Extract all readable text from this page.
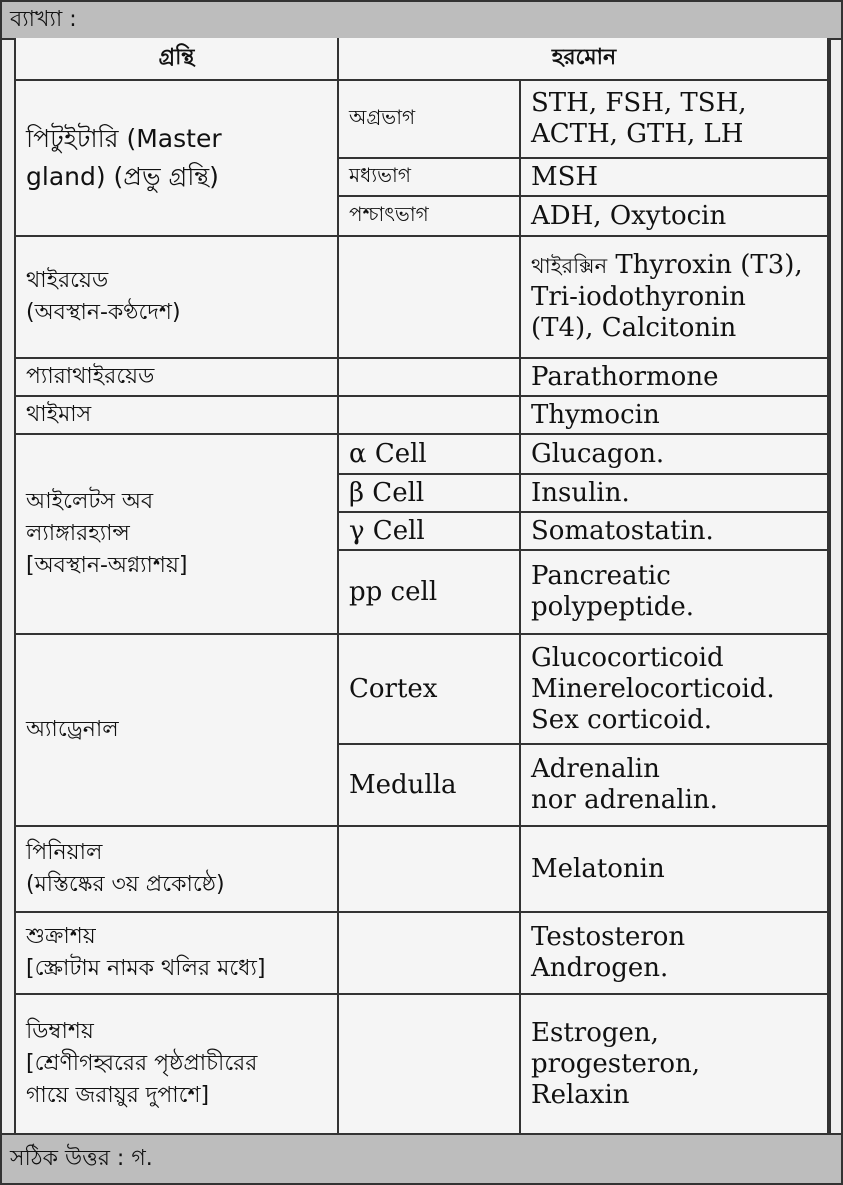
ব্যাখ্যা :
গ্রন্থি	হরমোন	
পিটুইটারি (Master
gland) (প্রভু গ্রন্থি)	অগ্রভাগ	STH, FSH, TSH,
ACTH, GTH, LH
	মধ্যভাগ	MSH
	পশ্চাৎভাগ	ADH, Oxytocin
থাইরয়েড
(অবস্থান-কণ্ঠদেশ)		থাইরক্সিন Thyroxin (T3),
Tri-iodothyronin
(T4), Calcitonin
প্যারাথাইরয়েড		Parathormone
থাইমাস		Thymocin
আইলেটস অব
ল্যাঙ্গারহ্যান্স
[অবস্থান-অগ্ন্যাশয়]	α Cell	Glucagon.
	β Cell	Insulin.
	γ Cell	Somatostatin.
	pp cell	Pancreatic
polypeptide.
অ্যাড্রেনাল	Cortex	Glucocorticoid
Minerelocorticoid.
Sex corticoid.
	Medulla	Adrenalin
nor adrenalin.
পিনিয়াল
(মস্তিষ্কের ৩য় প্রকোষ্ঠে)		Melatonin
শুক্রাশয়
[স্ক্রোটাম নামক থলির মধ্যে]		Testosteron
Androgen.
ডিম্বাশয়
[শ্রেণীগহ্বরের পৃষ্ঠপ্রাচীরের
গায়ে জরায়ুর দুপাশে]		Estrogen,
progesteron,
Relaxin
সঠিক উত্তর : গ.
